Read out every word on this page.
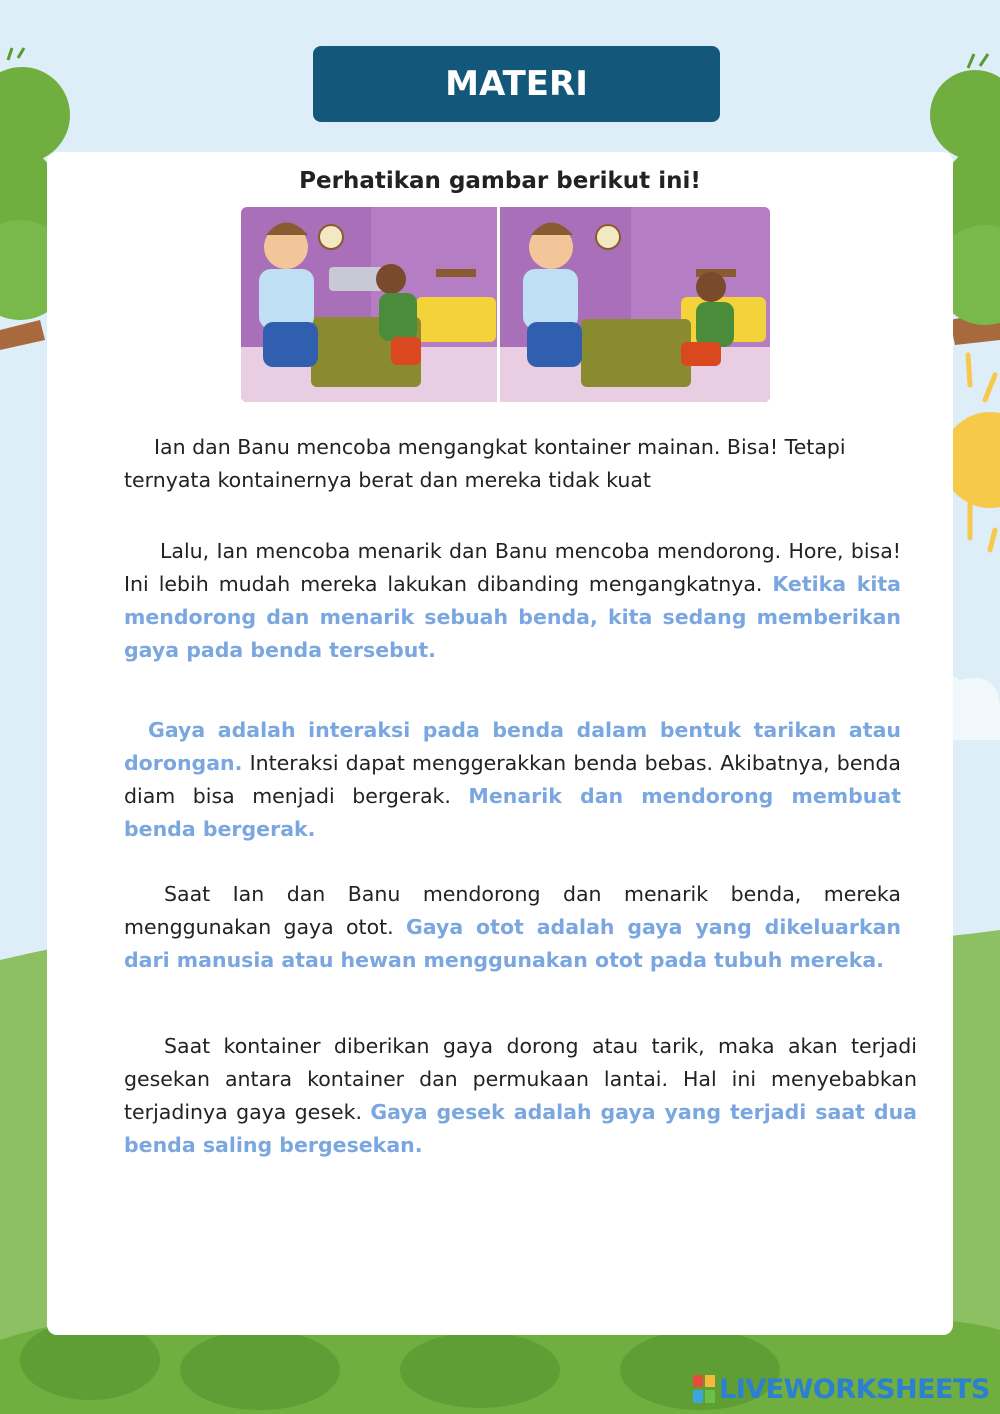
MATERI
Perhatikan gambar berikut ini!

Ian dan Banu mencoba mengangkat kontainer mainan. Bisa! Tetapi ternyata kontainernya berat dan mereka tidak kuat

Lalu, Ian mencoba menarik dan Banu mencoba mendorong. Hore, bisa! Ini lebih mudah mereka lakukan dibanding mengangkatnya. Ketika kita mendorong dan menarik sebuah benda, kita sedang memberikan gaya pada benda tersebut.

Gaya adalah interaksi pada benda dalam bentuk tarikan atau dorongan. Interaksi dapat menggerakkan benda bebas. Akibatnya, benda diam bisa menjadi bergerak. Menarik dan mendorong membuat benda bergerak.

Saat Ian dan Banu mendorong dan menarik benda, mereka menggunakan gaya otot. Gaya otot adalah gaya yang dikeluarkan dari manusia atau hewan menggunakan otot pada tubuh mereka.

Saat kontainer diberikan gaya dorong atau tarik, maka akan terjadi gesekan antara kontainer dan permukaan lantai. Hal ini menyebabkan terjadinya gaya gesek. Gaya gesek adalah gaya yang terjadi saat dua benda saling bergesekan.

LIVEWORKSHEETS
